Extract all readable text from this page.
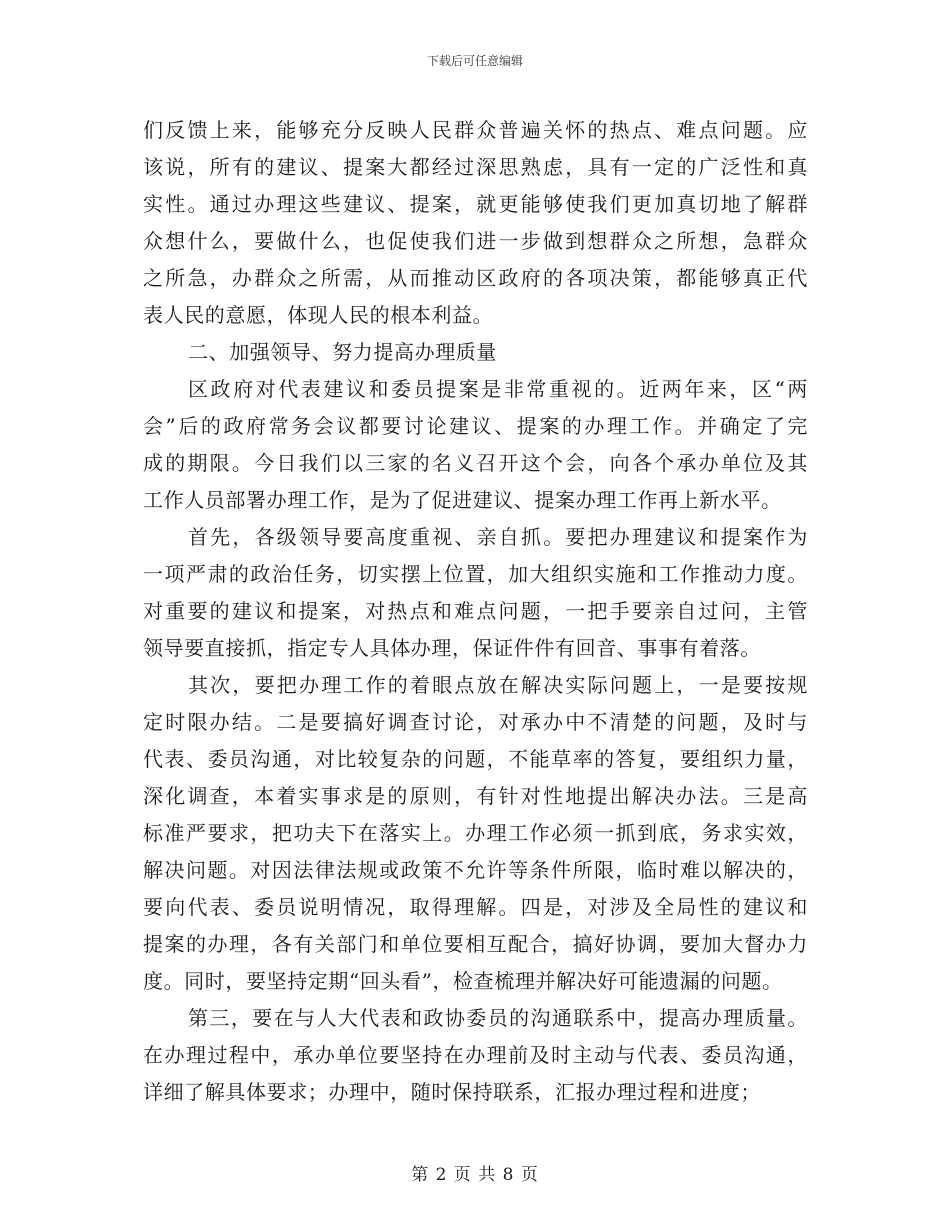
下载后可任意编辑
们反馈上来，能够充分反映人民群众普遍关怀的热点、难点问题。应
该说，所有的建议、提案大都经过深思熟虑，具有一定的广泛性和真
实性。通过办理这些建议、提案，就更能够使我们更加真切地了解群
众想什么，要做什么，也促使我们进一步做到想群众之所想，急群众
之所急，办群众之所需，从而推动区政府的各项决策，都能够真正代
表人民的意愿，体现人民的根本利益。
二、加强领导、努力提高办理质量
区政府对代表建议和委员提案是非常重视的。近两年来，区“两
会”后的政府常务会议都要讨论建议、提案的办理工作。并确定了完
成的期限。今日我们以三家的名义召开这个会，向各个承办单位及其
工作人员部署办理工作，是为了促进建议、提案办理工作再上新水平。
首先，各级领导要高度重视、亲自抓。要把办理建议和提案作为
一项严肃的政治任务，切实摆上位置，加大组织实施和工作推动力度。
对重要的建议和提案，对热点和难点问题，一把手要亲自过问，主管
领导要直接抓，指定专人具体办理，保证件件有回音、事事有着落。
其次，要把办理工作的着眼点放在解决实际问题上，一是要按规
定时限办结。二是要搞好调查讨论，对承办中不清楚的问题，及时与
代表、委员沟通，对比较复杂的问题，不能草率的答复，要组织力量，
深化调查，本着实事求是的原则，有针对性地提出解决办法。三是高
标准严要求，把功夫下在落实上。办理工作必须一抓到底，务求实效，
解决问题。对因法律法规或政策不允许等条件所限，临时难以解决的，
要向代表、委员说明情况，取得理解。四是，对涉及全局性的建议和
提案的办理，各有关部门和单位要相互配合，搞好协调，要加大督办力
度。同时，要坚持定期“回头看”，检查梳理并解决好可能遗漏的问题。
第三，要在与人大代表和政协委员的沟通联系中，提高办理质量。
在办理过程中，承办单位要坚持在办理前及时主动与代表、委员沟通，
详细了解具体要求；办理中，随时保持联系，汇报办理过程和进度；
第 2 页 共 8 页
